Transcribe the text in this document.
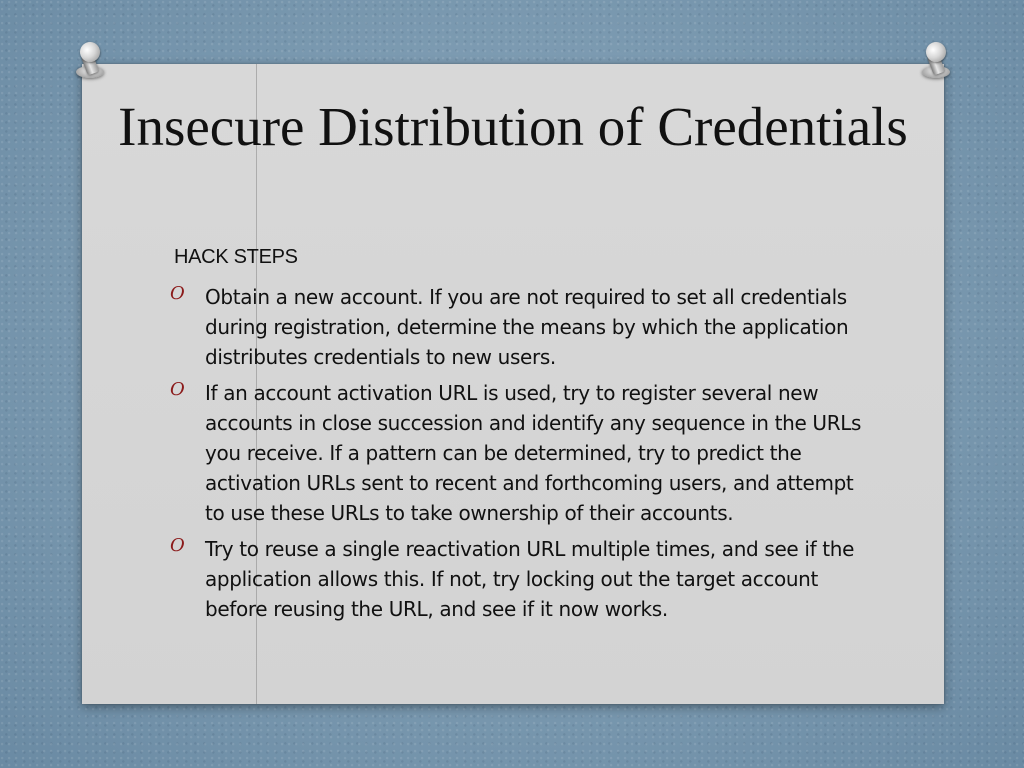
Insecure Distribution of Credentials
HACK STEPS
O Obtain a new account. If you are not required to set all credentials during registration, determine the means by which the application distributes credentials to new users.
O If an account activation URL is used, try to register several new accounts in close succession and identify any sequence in the URLs you receive. If a pattern can be determined, try to predict the activation URLs sent to recent and forthcoming users, and attempt to use these URLs to take ownership of their accounts.
O Try to reuse a single reactivation URL multiple times, and see if the application allows this. If not, try locking out the target account before reusing the URL, and see if it now works.
